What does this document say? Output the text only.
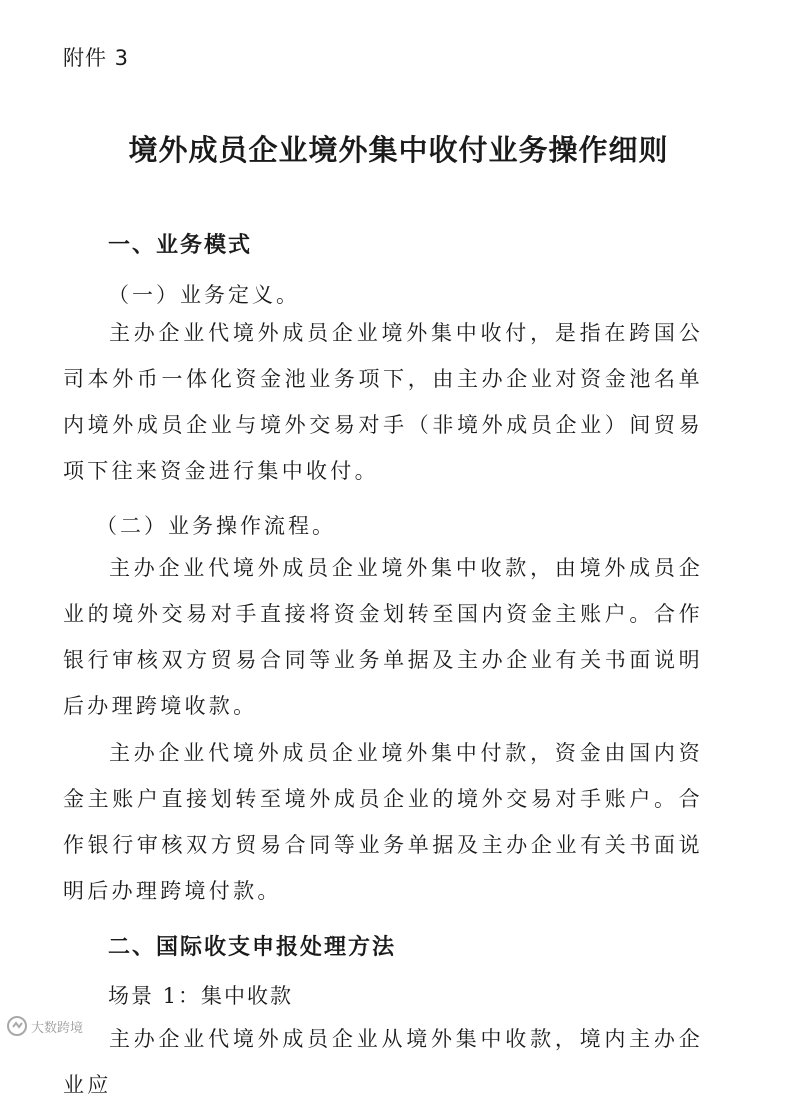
附件 3
境外成员企业境外集中收付业务操作细则
一、业务模式
（一）业务定义。

主办企业代境外成员企业境外集中收付，是指在跨国公司本外币一体化资金池业务项下，由主办企业对资金池名单内境外成员企业与境外交易对手（非境外成员企业）间贸易项下往来资金进行集中收付。

（二）业务操作流程。

主办企业代境外成员企业境外集中收款，由境外成员企业的境外交易对手直接将资金划转至国内资金主账户。合作银行审核双方贸易合同等业务单据及主办企业有关书面说明后办理跨境收款。

主办企业代境外成员企业境外集中付款，资金由国内资金主账户直接划转至境外成员企业的境外交易对手账户。合作银行审核双方贸易合同等业务单据及主办企业有关书面说明后办理跨境付款。

二、国际收支申报处理方法
场景 1：集中收款

主办企业代境外成员企业从境外集中收款，境内主办企业应

大数跨境
